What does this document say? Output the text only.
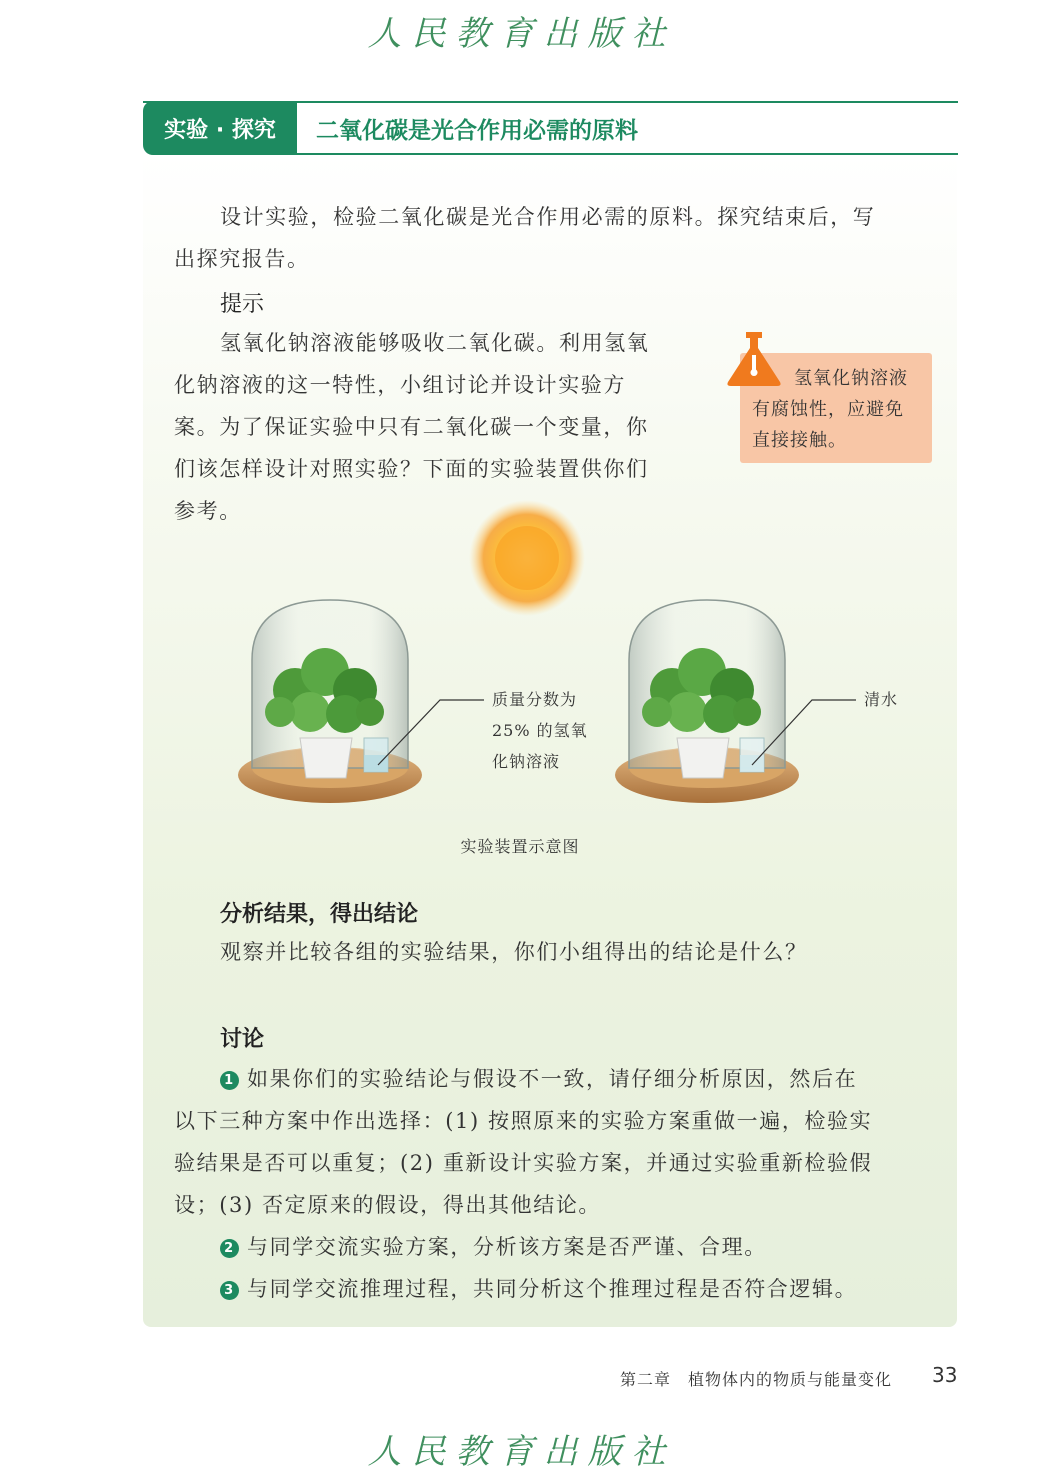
人民教育出版社
实验 · 探究	二氧化碳是光合作用必需的原料
设计实验，检验二氧化碳是光合作用必需的原料。探究结束后，写
出探究报告。
提示
氢氧化钠溶液能够吸收二氧化碳。利用氢氧
化钠溶液的这一特性，小组讨论并设计实验方
案。为了保证实验中只有二氧化碳一个变量，你
们该怎样设计对照实验？下面的实验装置供你们
参考。
氢氧化钠溶液
有腐蚀性，应避免
直接接触。
质量分数为
25% 的氢氧
化钠溶液
清水
实验装置示意图
分析结果，得出结论
观察并比较各组的实验结果，你们小组得出的结论是什么？
讨论
1 如果你们的实验结论与假设不一致，请仔细分析原因，然后在
以下三种方案中作出选择：(1) 按照原来的实验方案重做一遍，检验实
验结果是否可以重复；(2) 重新设计实验方案，并通过实验重新检验假
设；(3) 否定原来的假设，得出其他结论。
2 与同学交流实验方案，分析该方案是否严谨、合理。
3 与同学交流推理过程，共同分析这个推理过程是否符合逻辑。
第二章　植物体内的物质与能量变化 33
人民教育出版社
